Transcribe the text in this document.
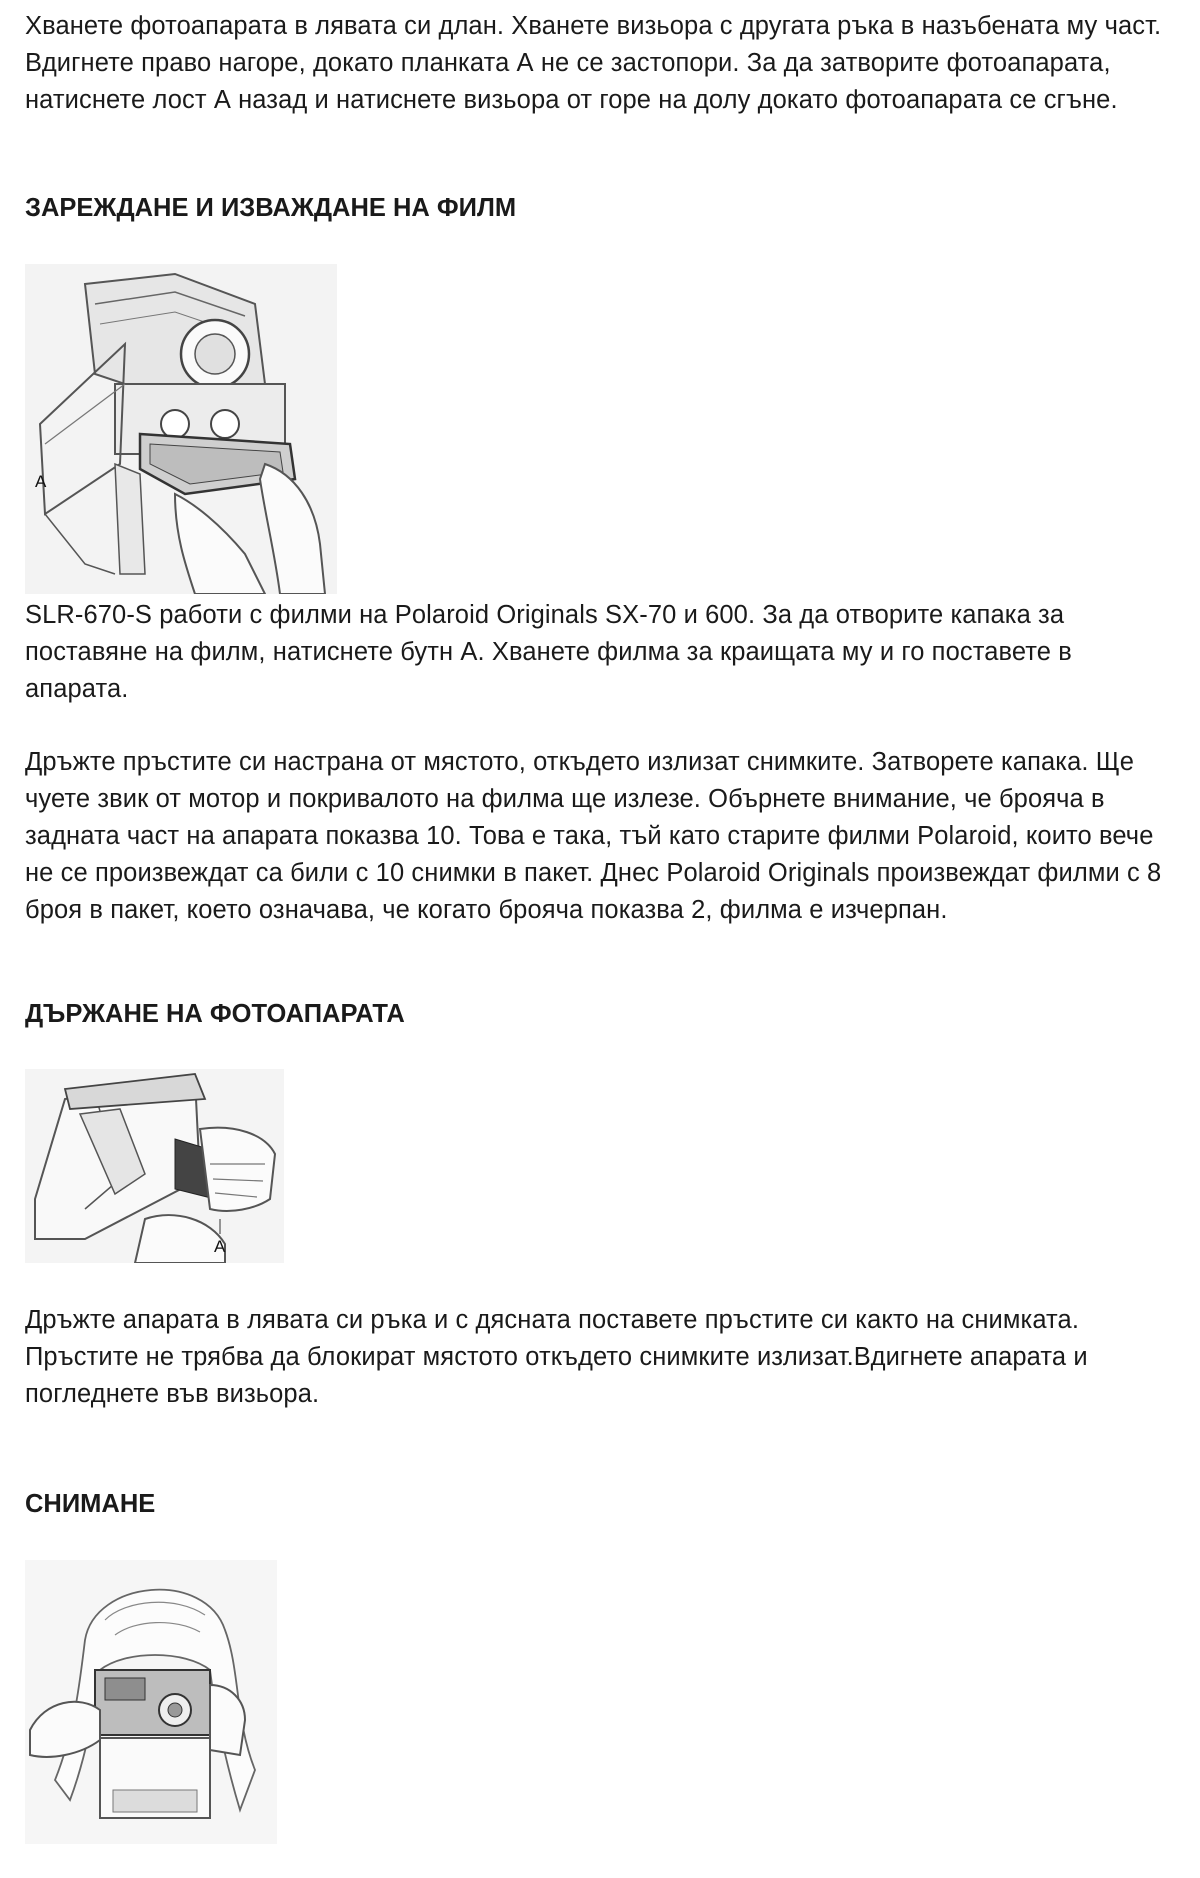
Хванете фотоапарата в лявата си длан. Хванете визьора с другата ръка в назъбената му част. Вдигнете право нагоре, докато планката А не се застопори. За да затворите фотоапарата, натиснете лост А назад и натиснете визьора от горе на долу докато фотоапарата се сгъне.

ЗАРЕЖДАНЕ И ИЗВАЖДАНЕ НА ФИЛМ
A

SLR-670-S работи с филми на Polaroid Originals SX-70 и 600. За да отворите капака за поставяне на филм, натиснете бутн А. Хванете филма за краищата му и го поставете в апарата.

Дръжте пръстите си настрана от мястото, откъдето излизат снимките. Затворете капака. Ще чуете звик от мотор и покривалото на филма ще излезе. Обърнете внимание, че брояча в задната част на апарата показва 10. Това е така, тъй като старите филми Polaroid, които вече не се произвеждат са били с 10 снимки в пакет. Днес Polaroid Originals произвеждат филми с 8 броя в пакет, което означава, че когато брояча показва 2, филма е изчерпан.

ДЪРЖАНЕ НА ФОТОАПАРАТА
A

Дръжте апарата в лявата си ръка и с дясната поставете пръстите си както на снимката. Пръстите не трябва да блокират мястото откъдето снимките излизат.Вдигнете апарата и погледнете във визьора.

СНИМАНЕ
